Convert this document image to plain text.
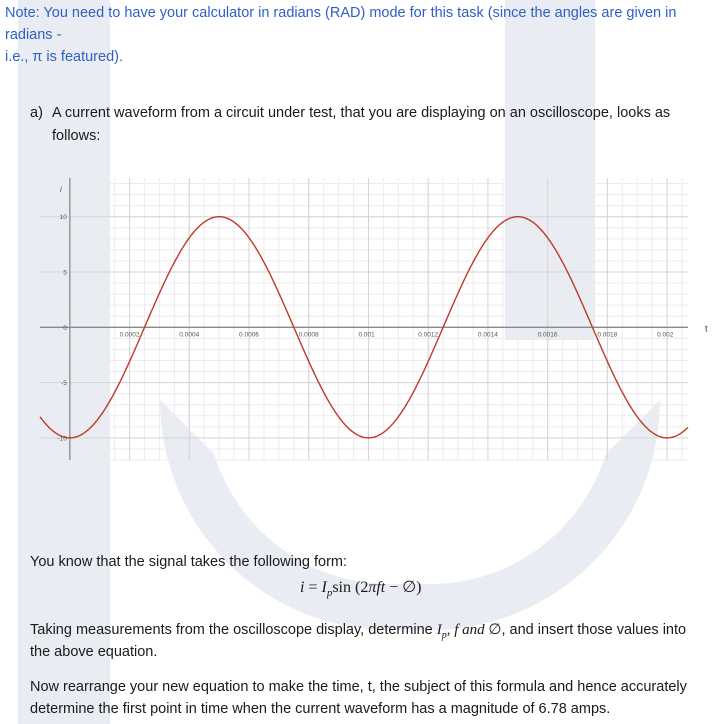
Note: You need to have your calculator in radians (RAD) mode for this task (since the angles are given in
radians -
i.e., π is featured).
a) A current waveform from a circuit under test, that you are displaying on an oscilloscope, looks as
follows:
0.0002	0.0004	0.0006	0.0008	0.001	0.0012	0.0014	0.0016	0.0018	0.002
10
5
0
-5
-10
t
i
You know that the signal takes the following form:
$i = I_p\sin$ (2πft − ∅)
Taking measurements from the oscilloscope display, determine $I_p$, f and ∅, and insert those values into
the above equation.
Now rearrange your new equation to make the time, t, the subject of this formula and hence accurately
determine the first point in time when the current waveform has a magnitude of 6.78 amps.
